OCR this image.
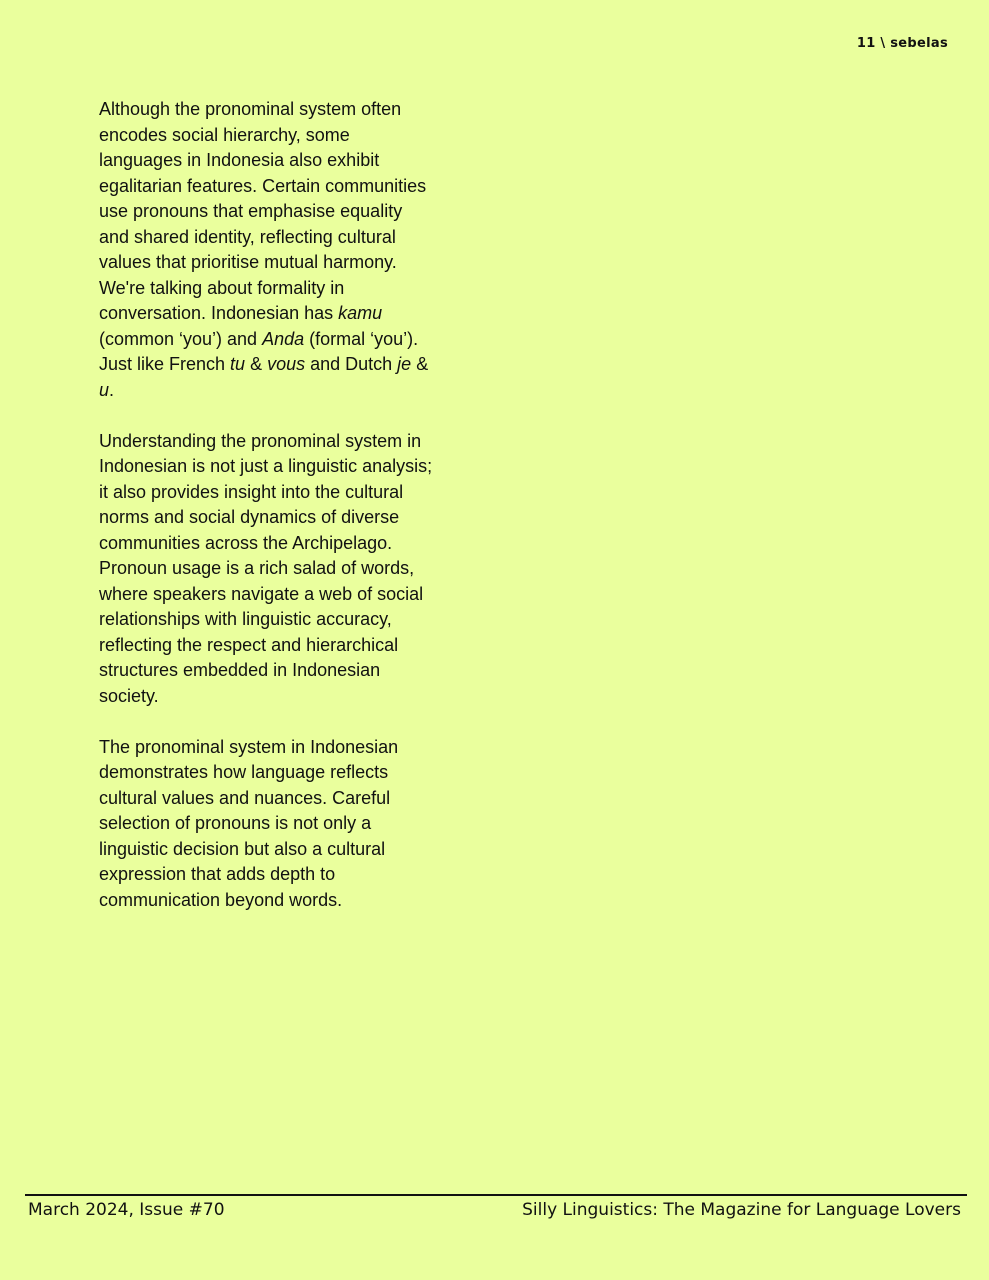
11 \ sebelas

Although the pronominal system often encodes social hierarchy, some languages in Indonesia also exhibit egalitarian features. Certain communities use pronouns that emphasise equality and shared identity, reflecting cultural values that prioritise mutual harmony. We're talking about formality in conversation. Indonesian has kamu (common ‘you’) and Anda (formal ‘you’). Just like French tu & vous and Dutch je & u.

Understanding the pronominal system in Indonesian is not just a linguistic analysis; it also provides insight into the cultural norms and social dynamics of diverse communities across the Archipelago. Pronoun usage is a rich salad of words, where speakers navigate a web of social relationships with linguistic accuracy, reflecting the respect and hierarchical structures embedded in Indonesian society.

The pronominal system in Indonesian demonstrates how language reflects cultural values and nuances. Careful selection of pronouns is not only a linguistic decision but also a cultural expression that adds depth to communication beyond words.

March 2024, Issue #70	Silly Linguistics: The Magazine for Language Lovers
